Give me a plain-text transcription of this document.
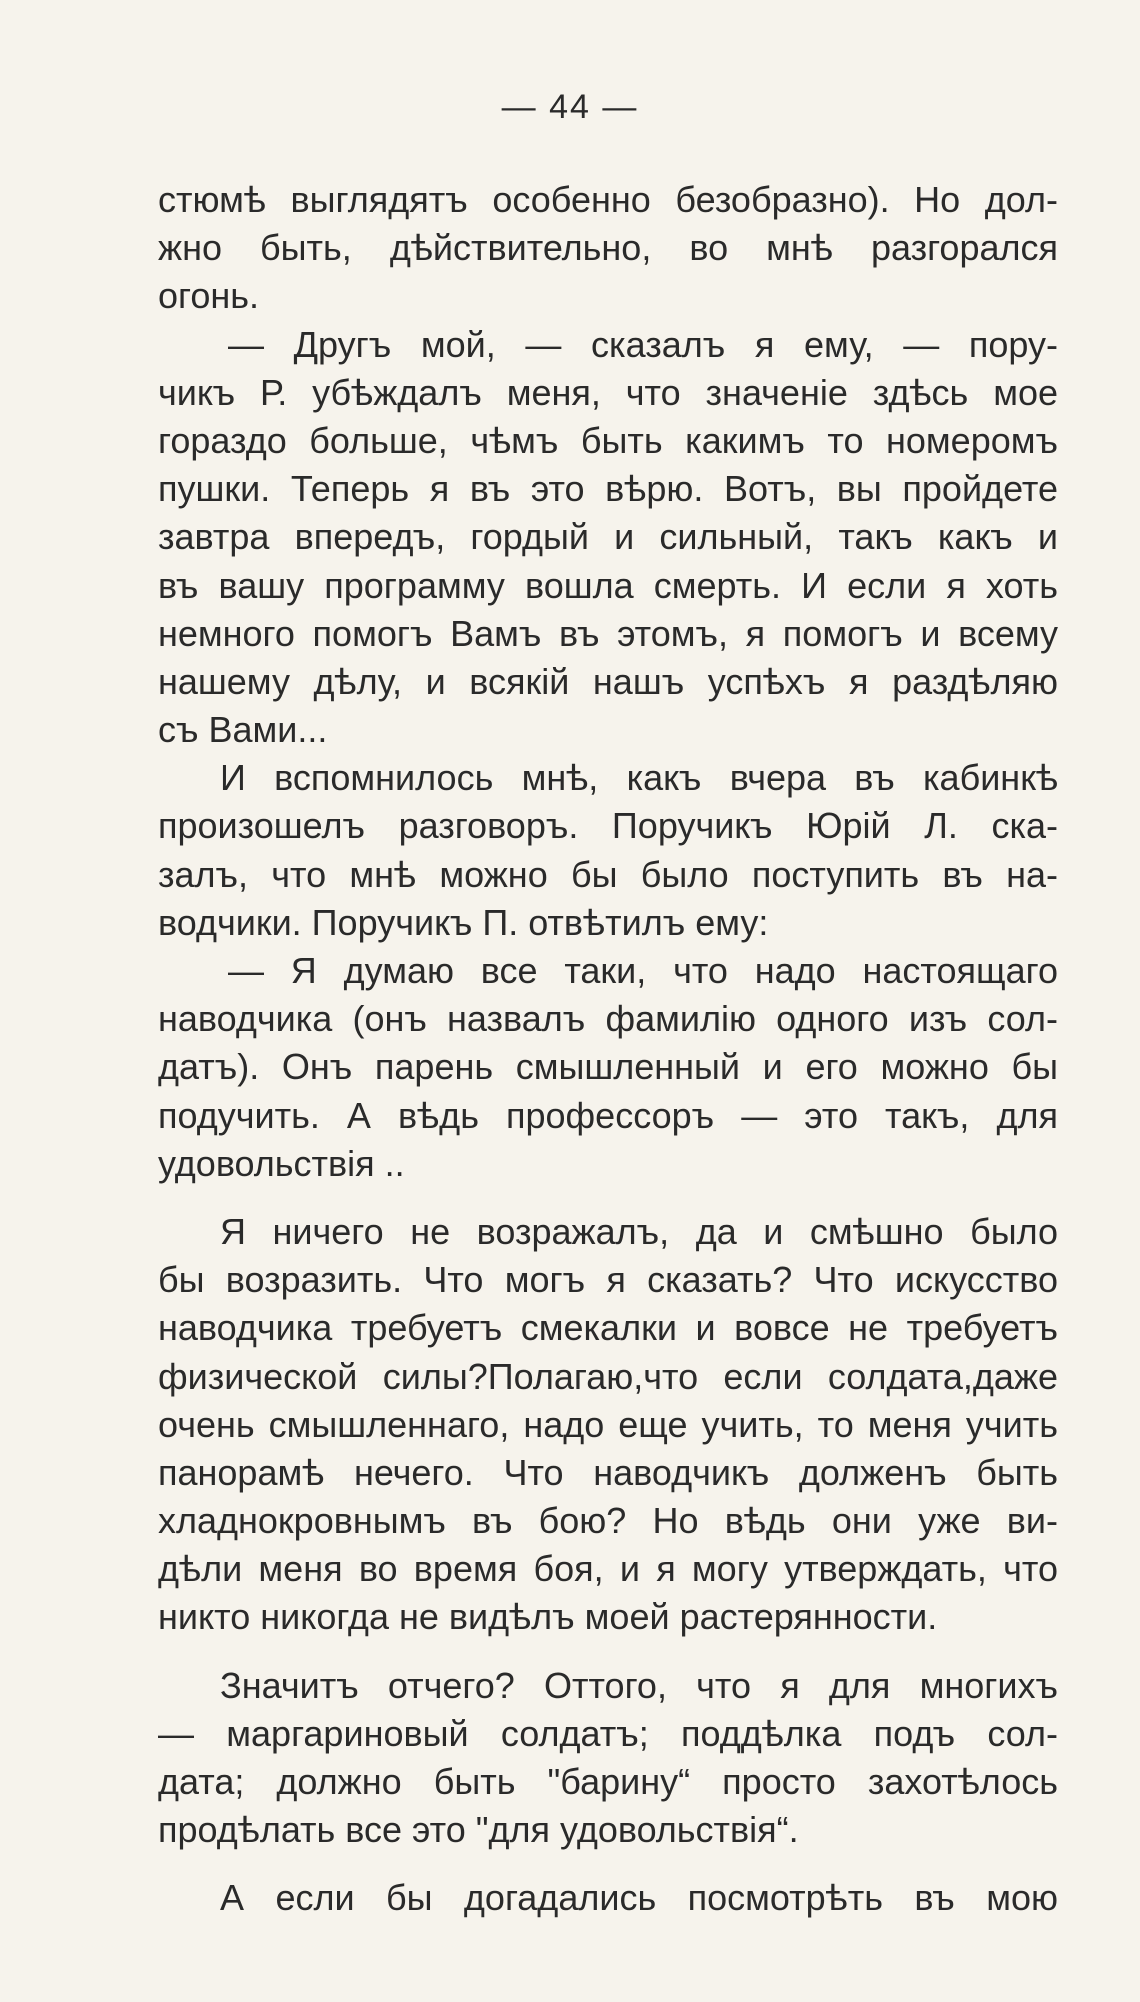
— 44 —
стюмѣ выглядятъ особенно безобразно). Но дол-
жно быть, дѣйствительно, во мнѣ разгорался
огонь.
— Другъ мой, — сказалъ я ему, — пору-
чикъ Р. убѣждалъ меня, что значеніе здѣсь мое
гораздо больше, чѣмъ быть какимъ то номеромъ
пушки. Теперь я въ это вѣрю. Вотъ, вы пройдете
завтра впередъ, гордый и сильный, такъ какъ и
въ вашу программу вошла смерть. И если я хоть
немного помогъ Вамъ въ этомъ, я помогъ и всему
нашему дѣлу, и всякій нашъ успѣхъ я раздѣляю
съ Вами...
И вспомнилось мнѣ, какъ вчера въ кабинкѣ
произошелъ разговоръ. Поручикъ Юрій Л. ска-
залъ, что мнѣ можно бы было поступить въ на-
водчики. Поручикъ П. отвѣтилъ ему:
— Я думаю все таки, что надо настоящаго
наводчика (онъ назвалъ фамилію одного изъ сол-
датъ). Онъ парень смышленный и его можно бы
подучить. А вѣдь профессоръ — это такъ, для
удовольствія ..
Я ничего не возражалъ, да и смѣшно было
бы возразить. Что могъ я сказать? Что искусство
наводчика требуетъ смекалки и вовсе не требуетъ
физической силы?Полагаю,что если солдата,даже
очень смышленнаго, надо еще учить, то меня учить
панорамѣ нечего. Что наводчикъ долженъ быть
хладнокровнымъ въ бою? Но вѣдь они уже ви-
дѣли меня во время боя, и я могу утверждать, что
никто никогда не видѣлъ моей растерянности.
Значитъ отчего? Оттого, что я для многихъ
— маргариновый солдатъ; поддѣлка подъ сол-
дата; должно быть "барину“ просто захотѣлось
продѣлать все это "для удовольствія“.
А если бы догадались посмотрѣть въ мою
